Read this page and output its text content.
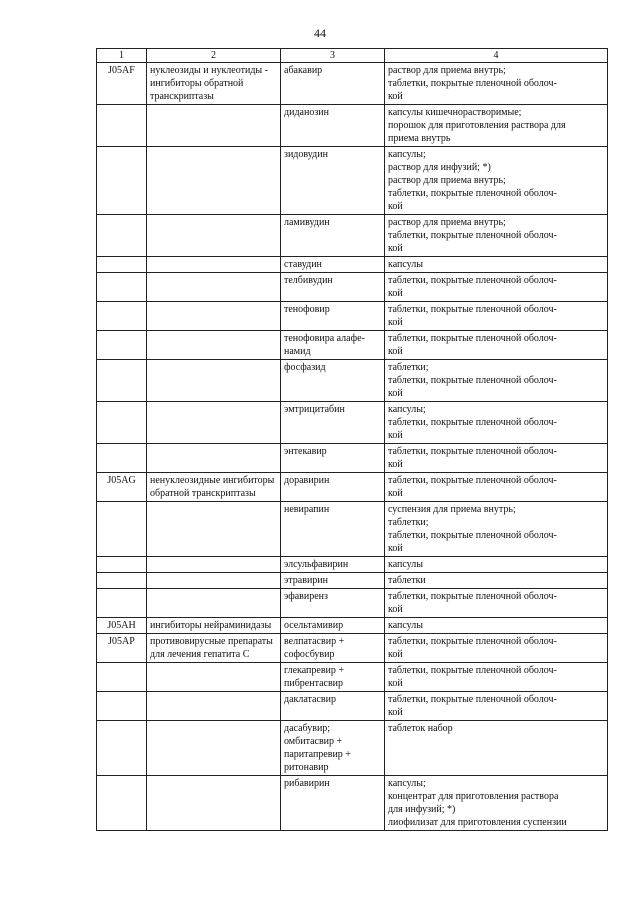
44
1	2	3	4
J05AF	нуклеозиды и нуклеотиды - ингибиторы обратной транскриптазы	абакавир	раствор для приема внутрь;
таблетки, покрытые пленочной оболоч-
кой

		диданозин	капсулы кишечнорастворимые;
порошок для приготовления раствора для
приема внутрь

		зидовудин	капсулы;
раствор для инфузий; *)
раствор для приема внутрь;
таблетки, покрытые пленочной оболоч-
кой

		ламивудин	раствор для приема внутрь;
таблетки, покрытые пленочной оболоч-
кой

		ставудин	капсулы

		телбивудин	таблетки, покрытые пленочной оболоч-
кой

		тенофовир	таблетки, покрытые пленочной оболоч-
кой

		тенофовира алафе-намид	таблетки, покрытые пленочной оболоч-
кой

		фосфазид	таблетки;
таблетки, покрытые пленочной оболоч-
кой

		эмтрицитабин	капсулы;
таблетки, покрытые пленочной оболоч-
кой

		энтекавир	таблетки, покрытые пленочной оболоч-
кой

J05AG	ненуклеозидные ингибиторы обратной транскриптазы	доравирин	таблетки, покрытые пленочной оболоч-
кой

		невирапин	суспензия для приема внутрь;
таблетки;
таблетки, покрытые пленочной оболоч-
кой

		элсульфавирин	капсулы

		этравирин	таблетки

		эфавиренз	таблетки, покрытые пленочной оболоч-
кой

J05AH	ингибиторы нейраминидазы	осельтамивир	капсулы

J05AP	противовирусные препараты для лечения гепатита С	велпатасвир + софосбувир	таблетки, покрытые пленочной оболоч-
кой

		глекапревир + пибрентасвир	таблетки, покрытые пленочной оболоч-
кой

		даклатасвир	таблетки, покрытые пленочной оболоч-
кой

		дасабувир; омбитасвир + паритапревир + ритонавир	таблеток набор

		рибавирин	капсулы;
концентрат для приготовления раствора
для инфузий; *)
лиофилизат для приготовления суспензии
